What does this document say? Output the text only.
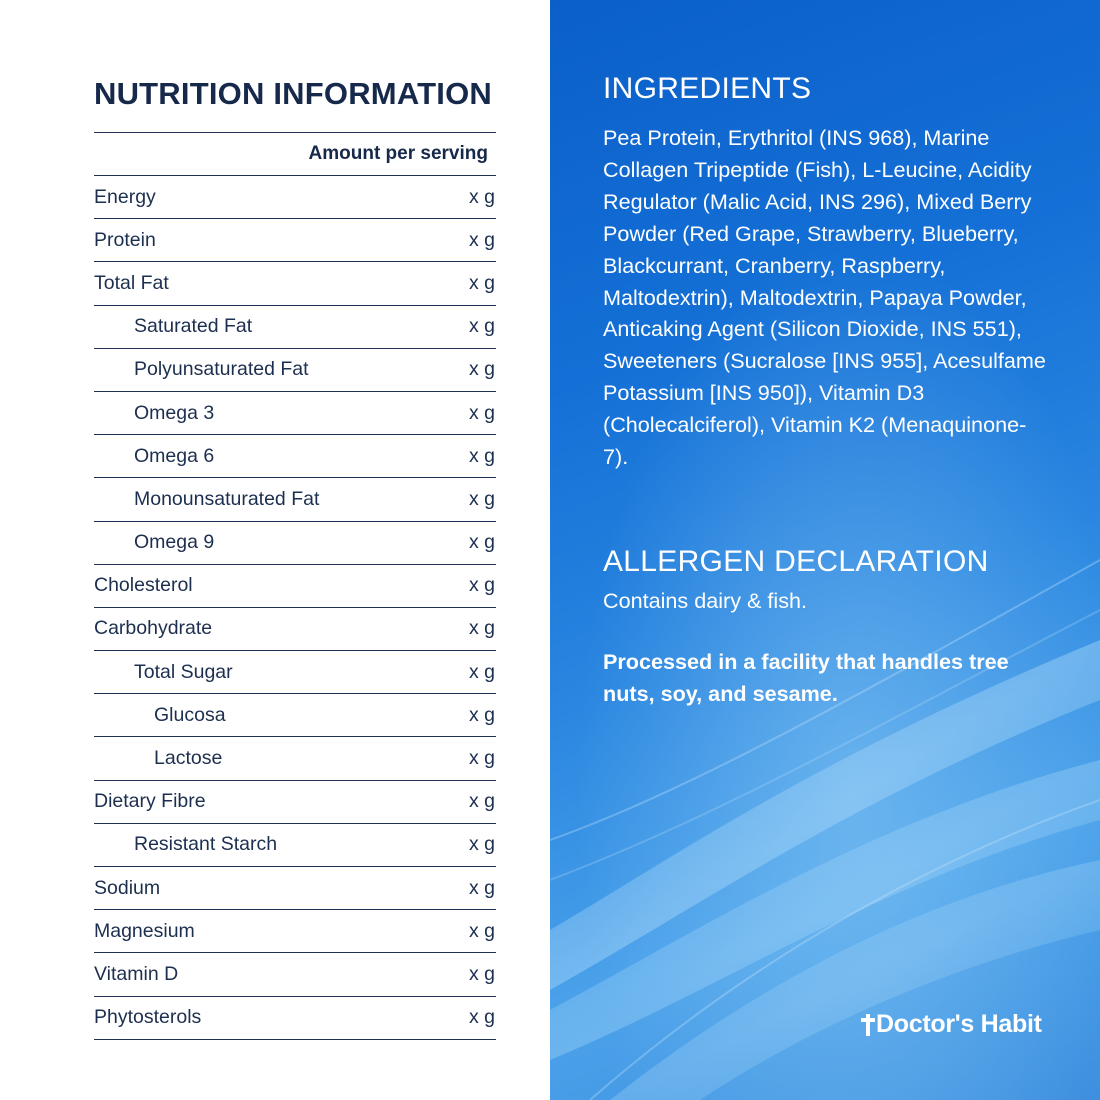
NUTRITION INFORMATION
Amount per serving
Energy	x g
Protein	x g
Total Fat	x g
Saturated Fat	x g
Polyunsaturated Fat	x g
Omega 3	x g
Omega 6	x g
Monounsaturated Fat	x g
Omega 9	x g
Cholesterol	x g
Carbohydrate	x g
Total Sugar	x g
Glucosa	x g
Lactose	x g
Dietary Fibre	x g
Resistant Starch	x g
Sodium	x g
Magnesium	x g
Vitamin D	x g
Phytosterols	x g
INGREDIENTS

Pea Protein, Erythritol (INS 968), Marine Collagen Tripeptide (Fish), L-Leucine, Acidity Regulator (Malic Acid, INS 296), Mixed Berry Powder (Red Grape, Strawberry, Blueberry, Blackcurrant, Cranberry, Raspberry, Maltodextrin), Maltodextrin, Papaya Powder, Anticaking Agent (Silicon Dioxide, INS 551), Sweeteners (Sucralose [INS 955], Acesulfame Potassium [INS 950]), Vitamin D3 (Cholecalciferol), Vitamin K2 (Menaquinone-7).

ALLERGEN DECLARATION

Contains dairy & fish.

Processed in a facility that handles tree nuts, soy, and sesame.

Doctor's Habit
